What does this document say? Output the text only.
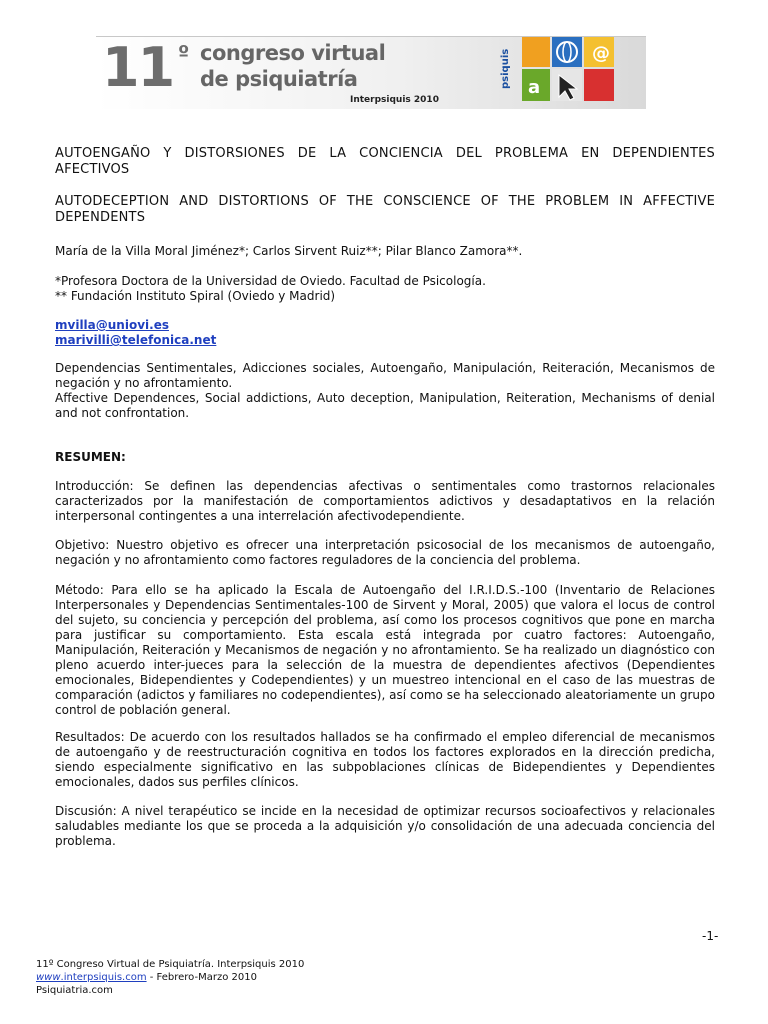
11 º congreso virtual
de psiquiatría
Interpsiquis 2010
psiquis	@
a
AUTOENGAÑO Y DISTORSIONES DE LA CONCIENCIA DEL PROBLEMA EN DEPENDIENTES AFECTIVOS
AUTODECEPTION AND DISTORTIONS OF THE CONSCIENCE OF THE PROBLEM IN AFFECTIVE DEPENDENTS
María de la Villa Moral Jiménez*; Carlos Sirvent Ruiz**; Pilar Blanco Zamora**.

*Profesora Doctora de la Universidad de Oviedo. Facultad de Psicología.

** Fundación Instituto Spiral (Oviedo y Madrid)

mvilla@uniovi.es

marivilli@telefonica.net

Dependencias Sentimentales, Adicciones sociales, Autoengaño, Manipulación, Reiteración, Mecanismos de negación y no afrontamiento.

Affective Dependences, Social addictions, Auto deception, Manipulation, Reiteration, Mechanisms of denial and not confrontation.

RESUMEN:
Introducción: Se definen las dependencias afectivas o sentimentales como trastornos relacionales caracterizados por la manifestación de comportamientos adictivos y desadaptativos en la relación interpersonal contingentes a una interrelación afectivodependiente.
Objetivo: Nuestro objetivo es ofrecer una interpretación psicosocial de los mecanismos de autoengaño, negación y no afrontamiento como factores reguladores de la conciencia del problema.
Método: Para ello se ha aplicado la Escala de Autoengaño del I.R.I.D.S.-100 (Inventario de Relaciones Interpersonales y Dependencias Sentimentales-100 de Sirvent y Moral, 2005) que valora el locus de control del sujeto, su conciencia y percepción del problema, así como los procesos cognitivos que pone en marcha para justificar su comportamiento. Esta escala está integrada por cuatro factores: Autoengaño, Manipulación, Reiteración y Mecanismos de negación y no afrontamiento. Se ha realizado un diagnóstico con pleno acuerdo inter-jueces para la selección de la muestra de dependientes afectivos (Dependientes emocionales, Bidependientes y Codependientes) y un muestreo intencional en el caso de las muestras de comparación (adictos y familiares no codependientes), así como se ha seleccionado aleatoriamente un grupo control de población general.
Resultados: De acuerdo con los resultados hallados se ha confirmado el empleo diferencial de mecanismos de autoengaño y de reestructuración cognitiva en todos los factores explorados en la dirección predicha, siendo especialmente significativo en las subpoblaciones clínicas de Bidependientes y Dependientes emocionales, dados sus perfiles clínicos.
Discusión: A nivel terapéutico se incide en la necesidad de optimizar recursos socioafectivos y relacionales saludables mediante los que se proceda a la adquisición y/o consolidación de una adecuada conciencia del problema.
-1-
11º Congreso Virtual de Psiquiatría. Interpsiquis 2010
www.interpsiquis.com - Febrero-Marzo 2010
Psiquiatria.com
